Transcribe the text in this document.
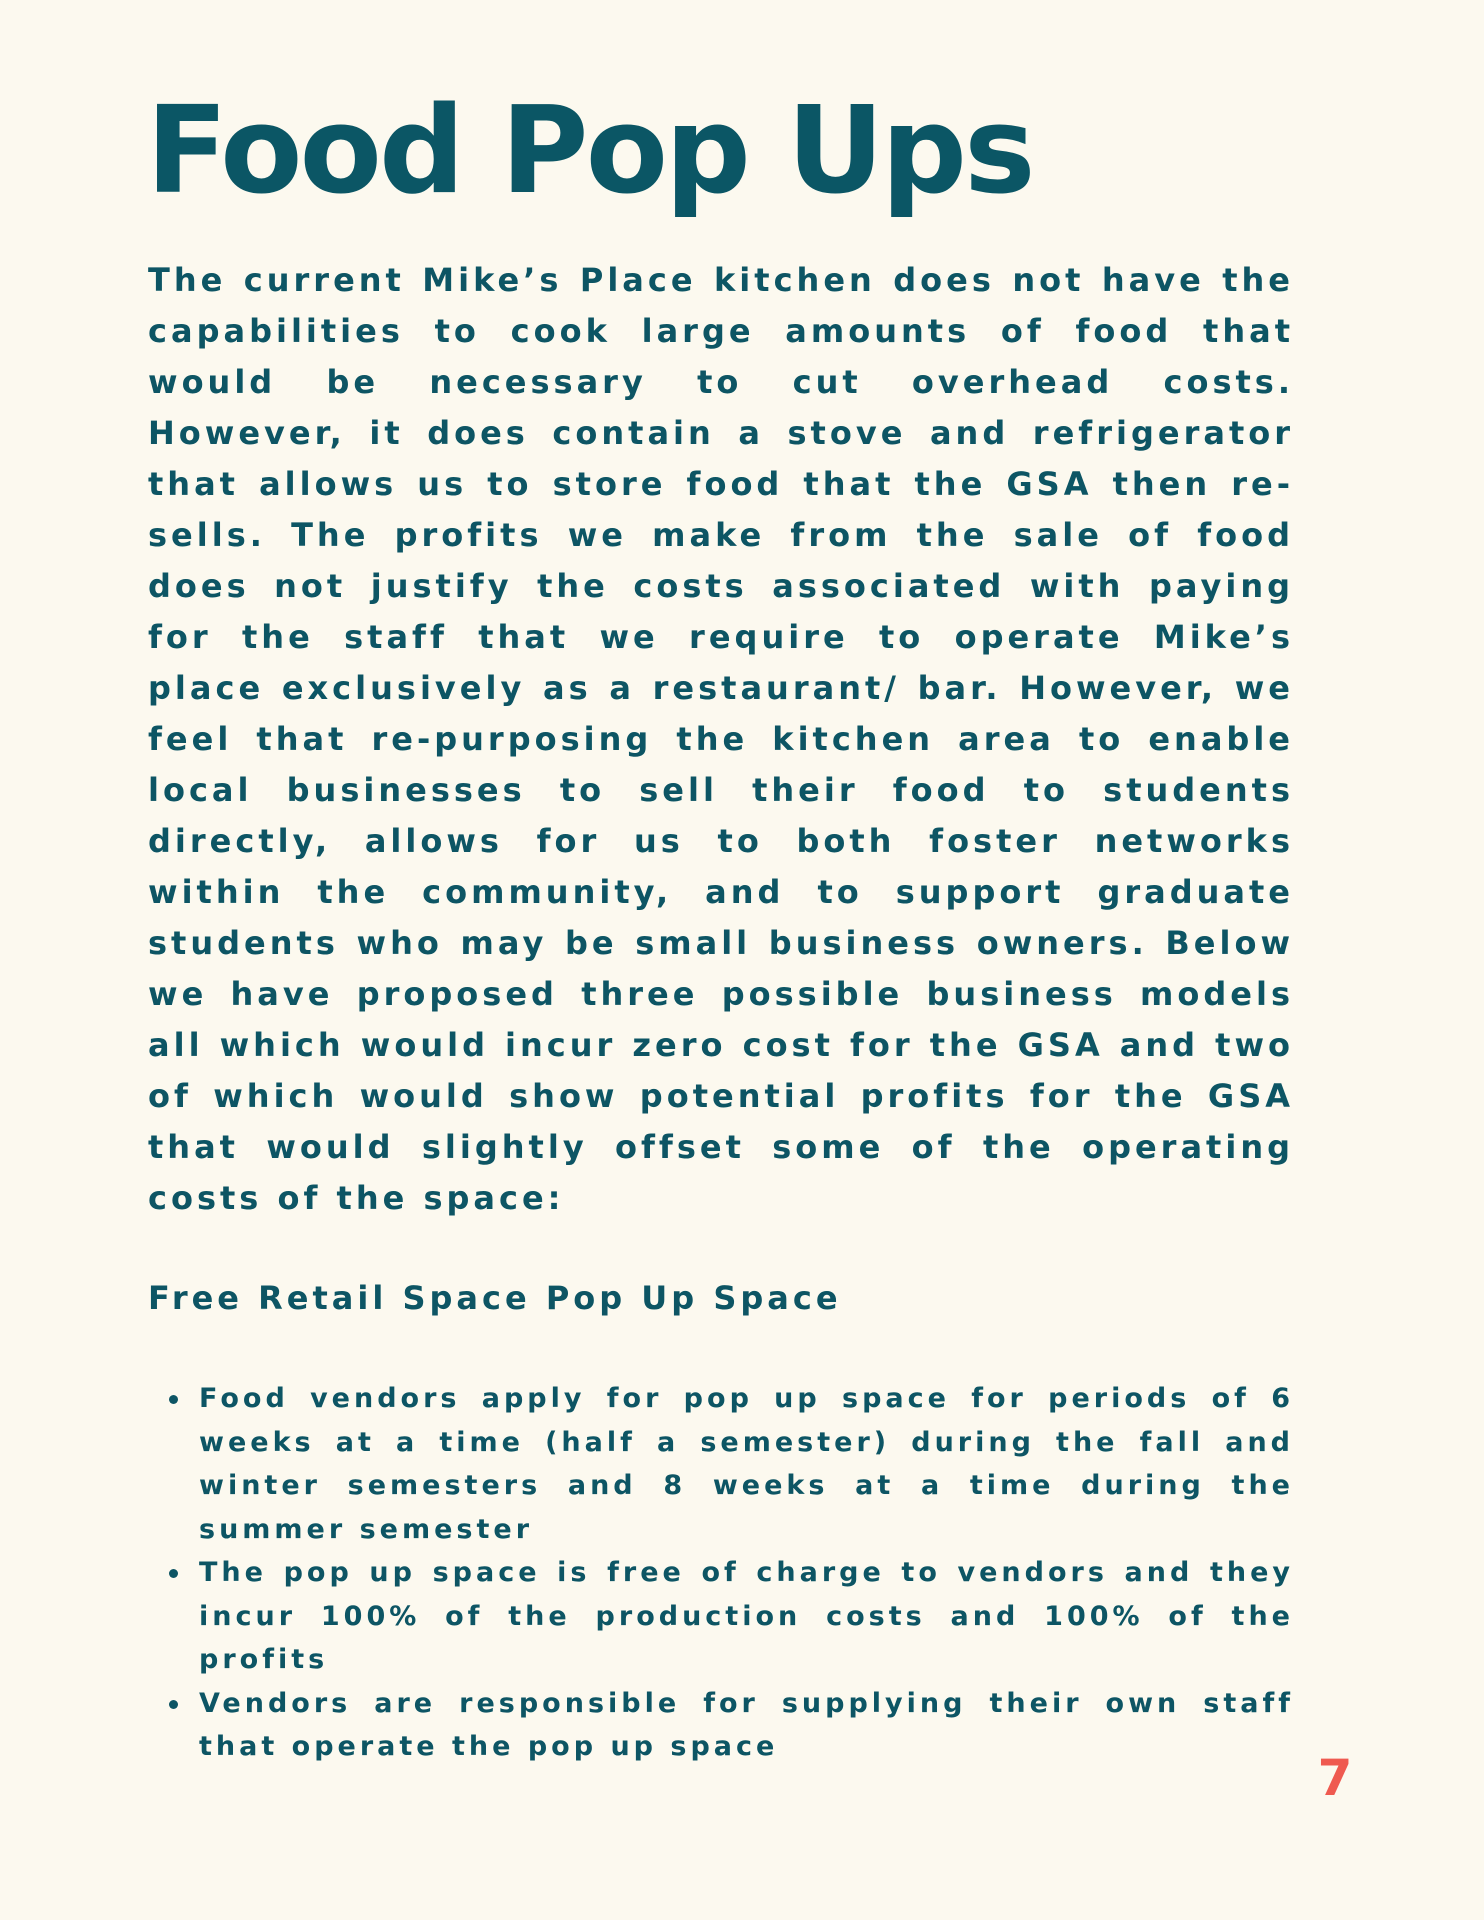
Food Pop Ups

The current Mike’s Place kitchen does not have the capabilities to cook large amounts of food that would be necessary to cut overhead costs. However, it does contain a stove and refrigerator that allows us to store food that the GSA then re-sells. The profits we make from the sale of food does not justify the costs associated with paying for the staff that we require to operate Mike’s place exclusively as a restaurant/ bar. However, we feel that re-purposing the kitchen area to enable local businesses to sell their food to students directly, allows for us to both foster networks within the community, and to support graduate students who may be small business owners. Below we have proposed three possible business models all which would incur zero cost for the GSA and two of which would show potential profits for the GSA that would slightly offset some of the operating costs of the space:

Free Retail Space Pop Up Space
Food vendors apply for pop up space for periods of 6 weeks at a time (half a semester) during the fall and winter semesters and 8 weeks at a time during the summer semester
The pop up space is free of charge to vendors and they incur 100% of the production costs and 100% of the profits
Vendors are responsible for supplying their own staff that operate the pop up space
7
